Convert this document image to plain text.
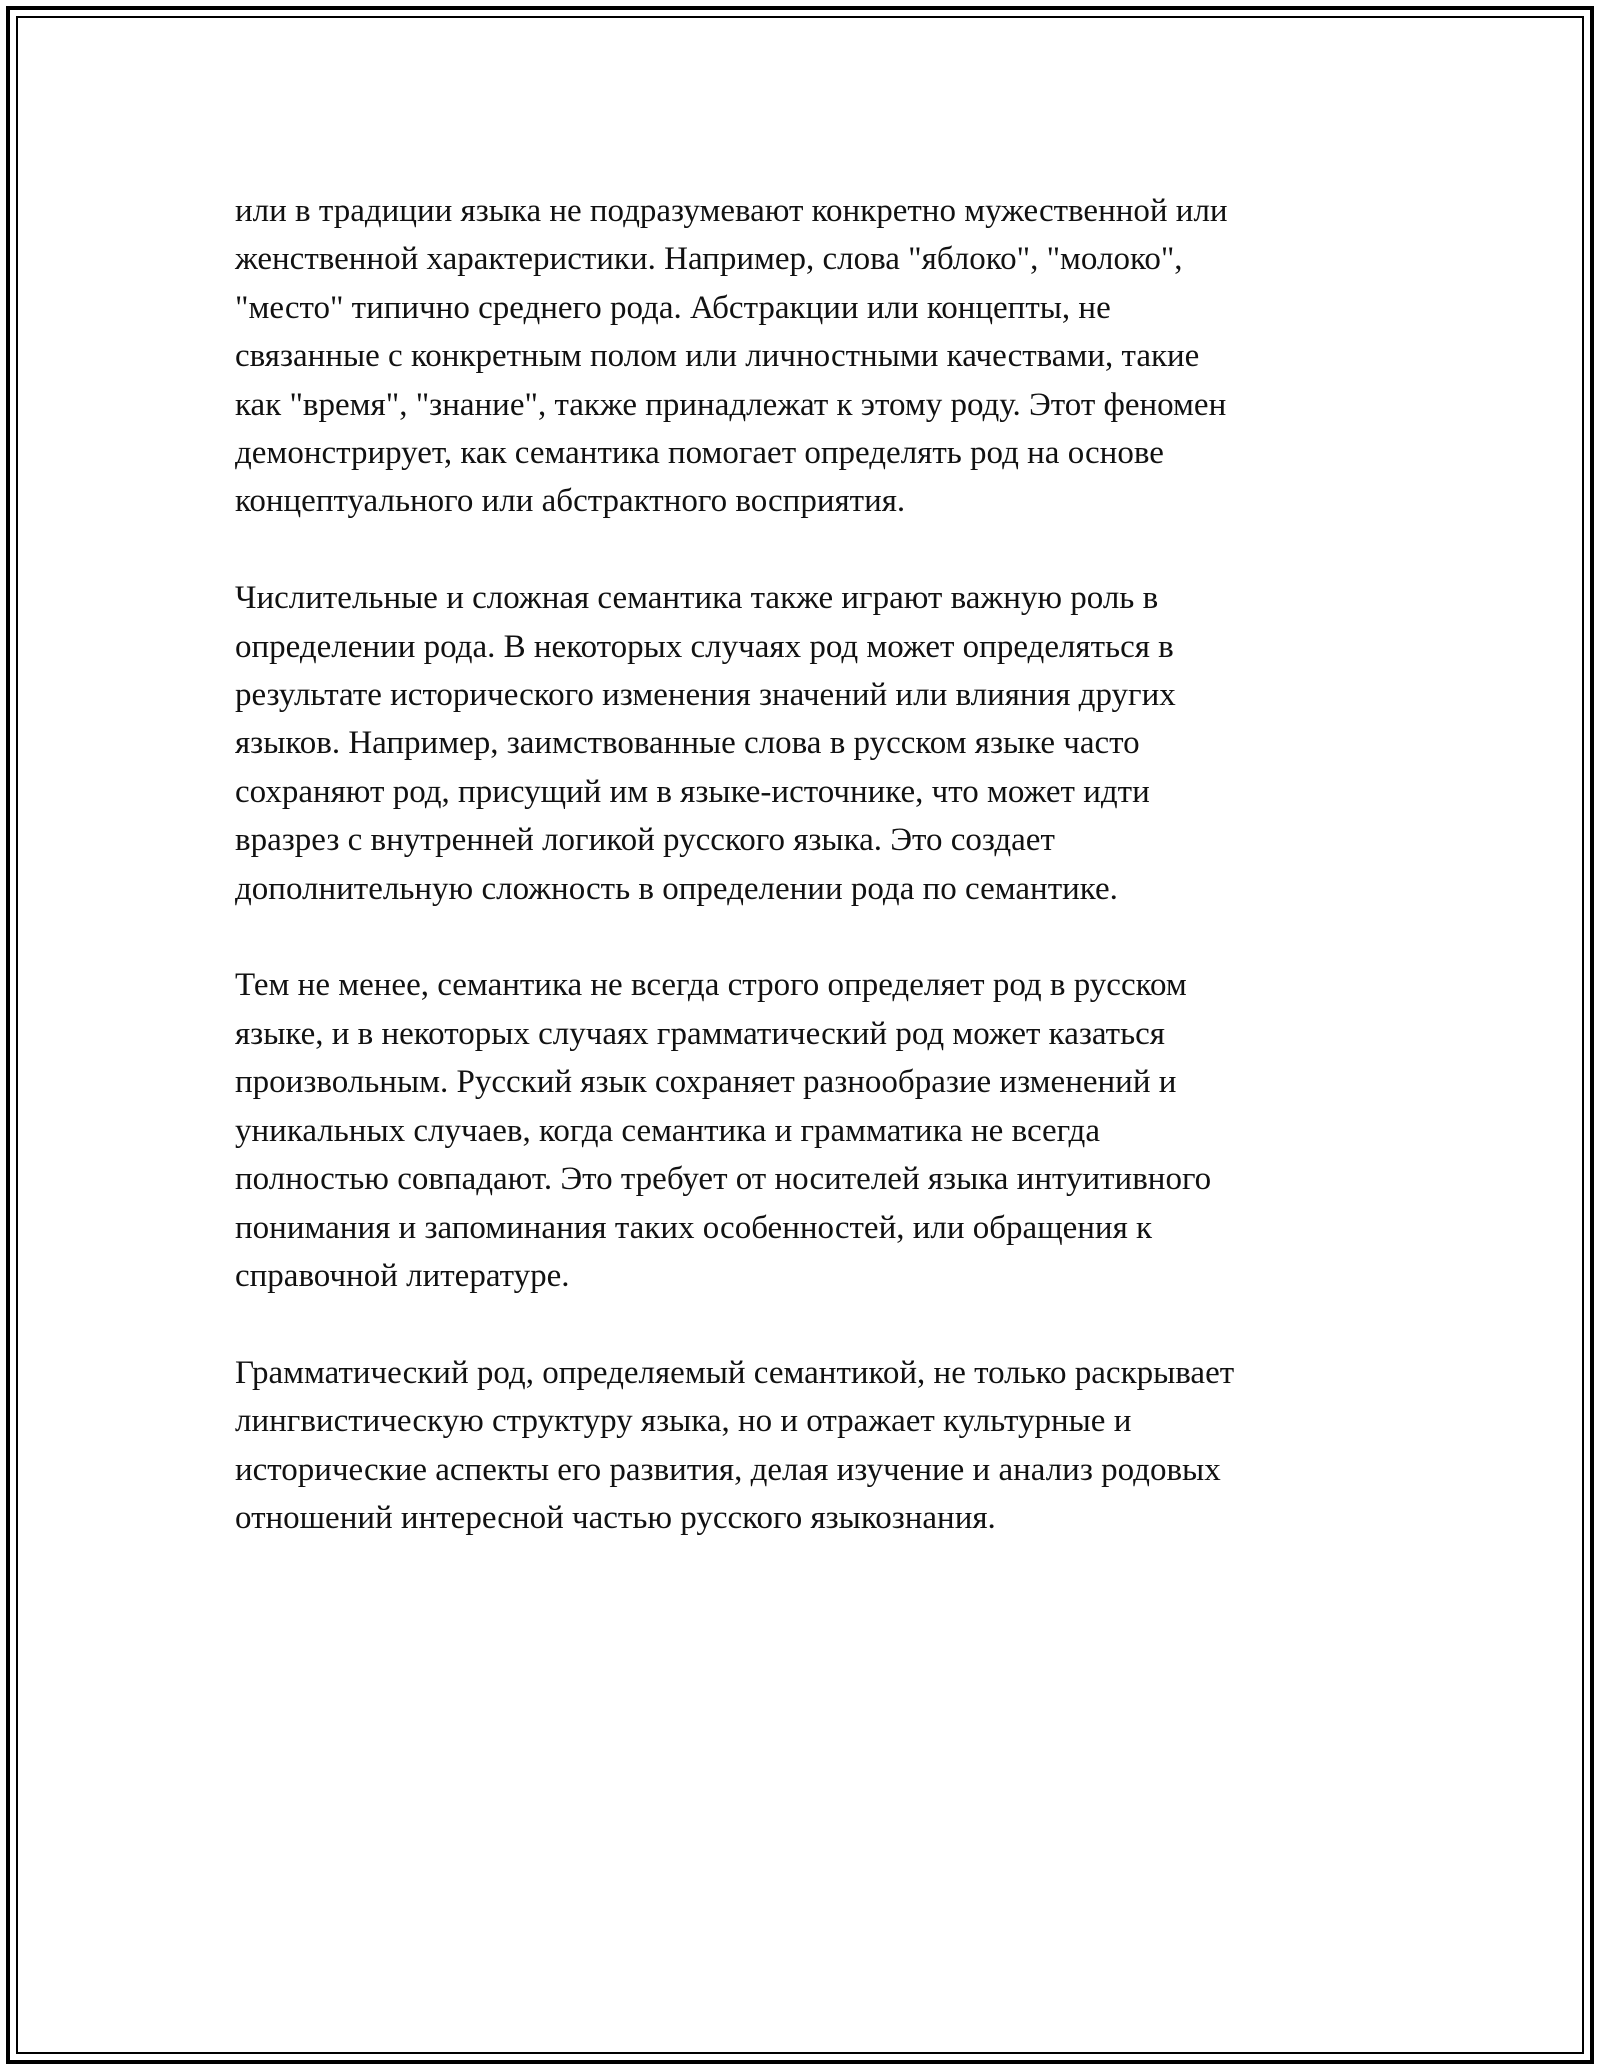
или в традиции языка не подразумевают конкретно мужественной или
женственной характеристики. Например, слова "яблоко", "молоко",
"место" типично среднего рода. Абстракции или концепты, не
связанные с конкретным полом или личностными качествами, такие
как "время", "знание", также принадлежат к этому роду. Этот феномен
демонстрирует, как семантика помогает определять род на основе
концептуального или абстрактного восприятия.

Числительные и сложная семантика также играют важную роль в
определении рода. В некоторых случаях род может определяться в
результате исторического изменения значений или влияния других
языков. Например, заимствованные слова в русском языке часто
сохраняют род, присущий им в языке-источнике, что может идти
вразрез с внутренней логикой русского языка. Это создает
дополнительную сложность в определении рода по семантике.

Тем не менее, семантика не всегда строго определяет род в русском
языке, и в некоторых случаях грамматический род может казаться
произвольным. Русский язык сохраняет разнообразие изменений и
уникальных случаев, когда семантика и грамматика не всегда
полностью совпадают. Это требует от носителей языка интуитивного
понимания и запоминания таких особенностей, или обращения к
справочной литературе.

Грамматический род, определяемый семантикой, не только раскрывает
лингвистическую структуру языка, но и отражает культурные и
исторические аспекты его развития, делая изучение и анализ родовых
отношений интересной частью русского языкознания.
